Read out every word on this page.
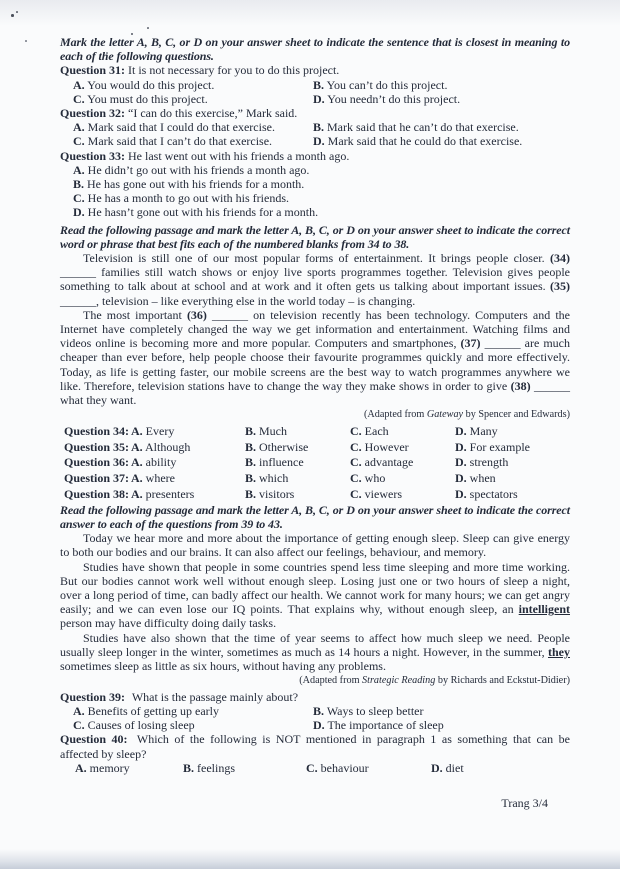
Mark the letter A, B, C, or D on your answer sheet to indicate the sentence that is closest in meaning to each of the following questions.

Question 31: It is not necessary for you to do this project.

A. You would do this project.	B. You can’t do this project.

C. You must do this project.	D. You needn’t do this project.

Question 32: “I can do this exercise,” Mark said.

A. Mark said that I could do that exercise.	B. Mark said that he can’t do that exercise.

C. Mark said that I can’t do that exercise.	D. Mark said that he could do that exercise.

Question 33: He last went out with his friends a month ago.

A. He didn’t go out with his friends a month ago.

B. He has gone out with his friends for a month.

C. He has a month to go out with his friends.

D. He hasn’t gone out with his friends for a month.

Read the following passage and mark the letter A, B, C, or D on your answer sheet to indicate the correct word or phrase that best fits each of the numbered blanks from 34 to 38.

Television is still one of our most popular forms of entertainment. It brings people closer. (34) ______ families still watch shows or enjoy live sports programmes together. Television gives people something to talk about at school and at work and it often gets us talking about important issues. (35) ______, television – like everything else in the world today – is changing.

The most important (36) ______ on television recently has been technology. Computers and the Internet have completely changed the way we get information and entertainment. Watching films and videos online is becoming more and more popular. Computers and smartphones, (37) ______ are much cheaper than ever before, help people choose their favourite programmes quickly and more effectively. Today, as life is getting faster, our mobile screens are the best way to watch programmes anywhere we like. Therefore, television stations have to change the way they make shows in order to give (38) ______ what they want.

(Adapted from Gateway by Spencer and Edwards)

Question 34: A. Every	B. Much	C. Each	D. Many
Question 35: A. Although	B. Otherwise	C. However	D. For example
Question 36: A. ability	B. influence	C. advantage	D. strength
Question 37: A. where	B. which	C. who	D. when
Question 38: A. presenters	B. visitors	C. viewers	D. spectators

Read the following passage and mark the letter A, B, C, or D on your answer sheet to indicate the correct answer to each of the questions from 39 to 43.

Today we hear more and more about the importance of getting enough sleep. Sleep can give energy to both our bodies and our brains. It can also affect our feelings, behaviour, and memory.

Studies have shown that people in some countries spend less time sleeping and more time working. But our bodies cannot work well without enough sleep. Losing just one or two hours of sleep a night, over a long period of time, can badly affect our health. We cannot work for many hours; we can get angry easily; and we can even lose our IQ points. That explains why, without enough sleep, an intelligent person may have difficulty doing daily tasks.

Studies have also shown that the time of year seems to affect how much sleep we need. People usually sleep longer in the winter, sometimes as much as 14 hours a night. However, in the summer, they sometimes sleep as little as six hours, without having any problems.

(Adapted from Strategic Reading by Richards and Eckstut-Didier)

Question 39: What is the passage mainly about?

A. Benefits of getting up early	B. Ways to sleep better

C. Causes of losing sleep	D. The importance of sleep

Question 40: Which of the following is NOT mentioned in paragraph 1 as something that can be affected by sleep?

A. memory	B. feelings	C. behaviour	D. diet
Trang 3/4
